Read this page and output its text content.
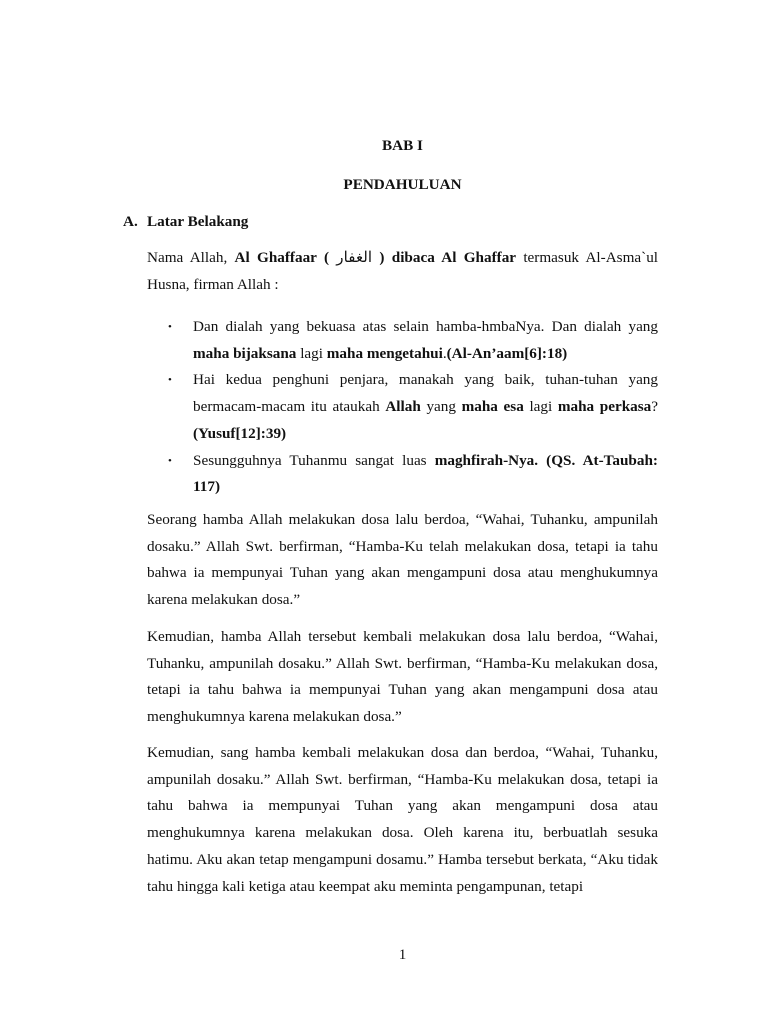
BAB I
PENDAHULUAN
A. Latar Belakang

Nama Allah, Al Ghaffaar ( الغفار ) dibaca Al Ghaffar termasuk Al-Asma`ul Husna, firman Allah :

• Dan dialah yang bekuasa atas selain hamba-hmbaNya. Dan dialah yang maha bijaksana lagi maha mengetahui.(Al-An’aam[6]:18)
• Hai kedua penghuni penjara, manakah yang baik, tuhan-tuhan yang bermacam-macam itu ataukah Allah yang maha esa lagi maha perkasa?(Yusuf[12]:39)
• Sesungguhnya Tuhanmu sangat luas maghfirah-Nya. (QS. At-Taubah: 117)

Seorang hamba Allah melakukan dosa lalu berdoa, “Wahai, Tuhanku, ampunilah dosaku.” Allah Swt. berfirman, “Hamba-Ku telah melakukan dosa, tetapi ia tahu bahwa ia mempunyai Tuhan yang akan mengampuni dosa atau menghukumnya karena melakukan dosa.”

Kemudian, hamba Allah tersebut kembali melakukan dosa lalu berdoa, “Wahai, Tuhanku, ampunilah dosaku.” Allah Swt. berfirman, “Hamba-Ku melakukan dosa, tetapi ia tahu bahwa ia mempunyai Tuhan yang akan mengampuni dosa atau menghukumnya karena melakukan dosa.”

Kemudian, sang hamba kembali melakukan dosa dan berdoa, “Wahai, Tuhanku, ampunilah dosaku.” Allah Swt. berfirman, “Hamba-Ku melakukan dosa, tetapi ia tahu bahwa ia mempunyai Tuhan yang akan mengampuni dosa atau menghukumnya karena melakukan dosa. Oleh karena itu, berbuatlah sesuka hatimu. Aku akan tetap mengampuni dosamu.” Hamba tersebut berkata, “Aku tidak tahu hingga kali ketiga atau keempat aku meminta pengampunan, tetapi

1
